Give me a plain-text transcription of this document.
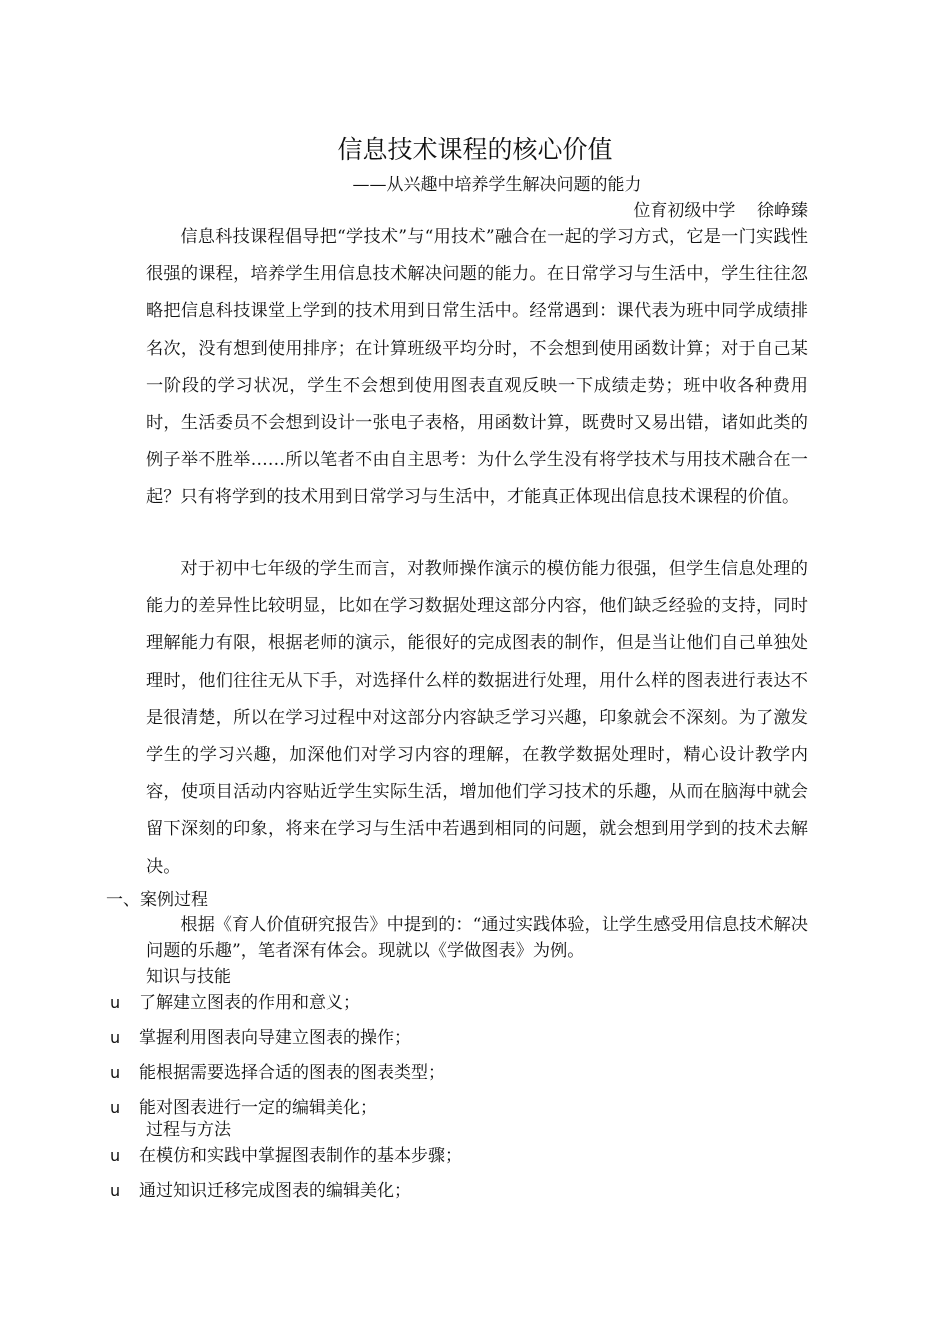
信息技术课程的核心价值
——从兴趣中培养学生解决问题的能力
位育初级中学    徐峥臻

信息科技课程倡导把“学技术”与“用技术”融合在一起的学习方式，它是一门实践性很强的课程，培养学生用信息技术解决问题的能力。在日常学习与生活中，学生往往忽略把信息科技课堂上学到的技术用到日常生活中。经常遇到：课代表为班中同学成绩排名次，没有想到使用排序；在计算班级平均分时，不会想到使用函数计算；对于自己某一阶段的学习状况，学生不会想到使用图表直观反映一下成绩走势；班中收各种费用时，生活委员不会想到设计一张电子表格，用函数计算，既费时又易出错，诸如此类的例子举不胜举……所以笔者不由自主思考：为什么学生没有将学技术与用技术融合在一起？只有将学到的技术用到日常学习与生活中，才能真正体现出信息技术课程的价值。

对于初中七年级的学生而言，对教师操作演示的模仿能力很强，但学生信息处理的能力的差异性比较明显，比如在学习数据处理这部分内容，他们缺乏经验的支持，同时理解能力有限，根据老师的演示，能很好的完成图表的制作，但是当让他们自己单独处理时，他们往往无从下手，对选择什么样的数据进行处理，用什么样的图表进行表达不是很清楚，所以在学习过程中对这部分内容缺乏学习兴趣，印象就会不深刻。为了激发学生的学习兴趣，加深他们对学习内容的理解，在教学数据处理时，精心设计教学内容，使项目活动内容贴近学生实际生活，增加他们学习技术的乐趣，从而在脑海中就会留下深刻的印象，将来在学习与生活中若遇到相同的问题，就会想到用学到的技术去解决。

一、案例过程

根据《育人价值研究报告》中提到的：“通过实践体验，让学生感受用信息技术解决问题的乐趣”，笔者深有体会。现就以《学做图表》为例。

知识与技能
u	了解建立图表的作用和意义；
u	掌握利用图表向导建立图表的操作；
u	能根据需要选择合适的图表的图表类型；
u	能对图表进行一定的编辑美化；
过程与方法
u	在模仿和实践中掌握图表制作的基本步骤；
u	通过知识迁移完成图表的编辑美化；
